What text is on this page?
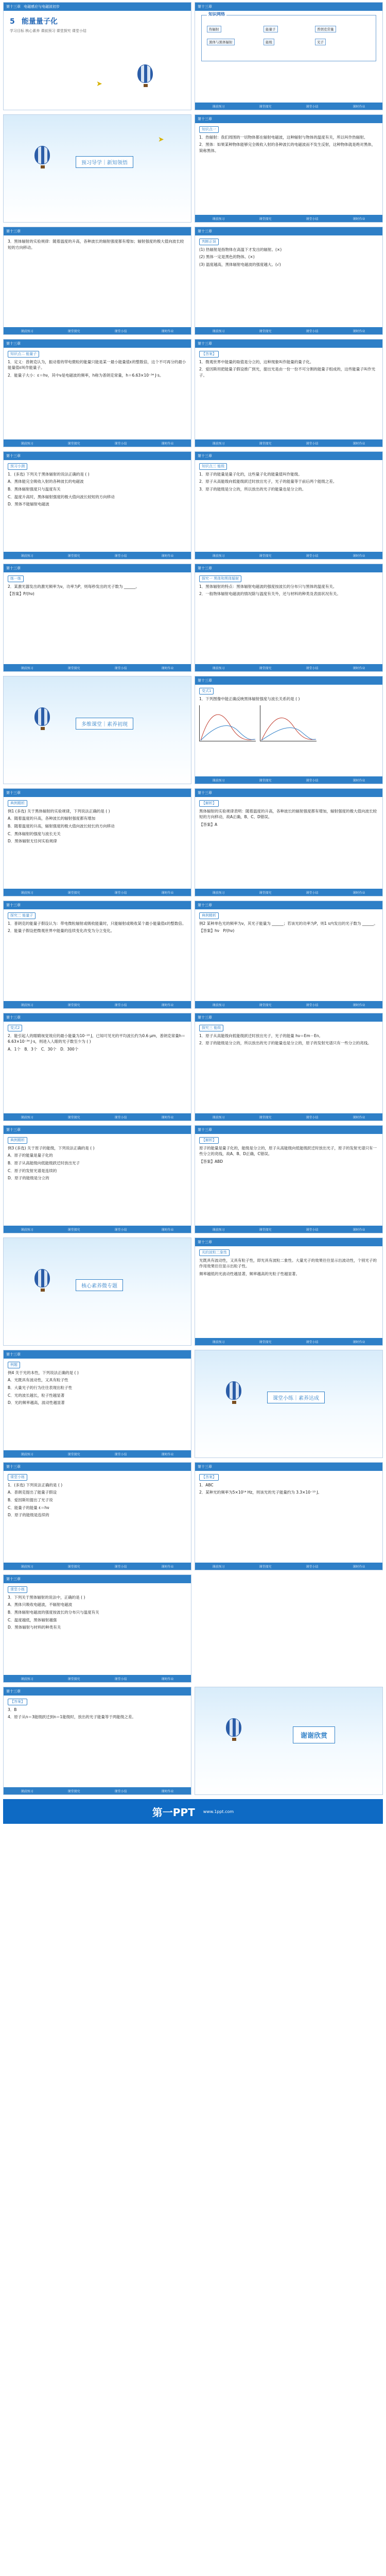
第十三章 电磁感应与电磁波初步
5 能量量子化
学习目标 核心素养 课前预习 课堂探究 课堂小结
➤
第十三章
知识网络
热辐射
黑体与黑体辐射
能量子
能级
普朗克常量
光子
课前预习	课堂探究	课堂小结	课时作业
➤
预习导学｜新知领悟
第十三章
知识点一

1．热辐射：我们周围的一切物体都在辐射电磁波，这种辐射与物体的温度有关，所以叫作热辐射。

2．黑体：如果某种物体能够完全吸收入射的各种波长的电磁波而不发生反射，这种物体就是绝对黑体，简称黑体。

课前预习	课堂探究	课堂小结	课时作业
第十三章

3．黑体辐射的实验规律：随着温度的升高，各种波长的辐射强度都有增加；辐射强度的极大值向波长较短的方向移动。

课前预习	课堂探究	课堂小结	课时作业
第十三章
判断正误

(1) 热辐射是指物体在高温下才发出的辐射。(×)

(2) 黑体一定是黑色的物体。(×)

(3) 温度越高，黑体辐射电磁波的强度越大。(√)

课前预习	课堂探究	课堂小结	课时作业
第十三章
知识点二 能量子

1．定义：普朗克认为，振动着的带电微粒的能量只能是某一最小能量值ε的整数倍，这个不可再分的最小能量值ε叫作能量子。

2．能量子大小：ε＝hν，其中ν是电磁波的频率，h称为普朗克常量，h＝6.63×10⁻³⁴ J·s。

课前预习	课堂探究	课堂小结	课时作业
第十三章
【答案】

1．微观世界中能量的取值是分立的，这种现象叫作能量的量子化。

2．爱因斯坦把能量子假设推广到光，提出光是由一份一份不可分割的能量子组成的，这些能量子叫作光子。

课前预习	课堂探究	课堂小结	课时作业
第十三章
预习小测

1．(多选) 下列关于黑体辐射的说法正确的是 ( )

A．黑体能完全吸收入射的各种波长的电磁波

B．黑体辐射强度只与温度有关

C．温度升高时，黑体辐射强度的极大值向波长较短的方向移动

D．黑体不能辐射电磁波

课前预习	课堂探究	课堂小结	课时作业
第十三章
知识点三 能级

1．原子的能量是量子化的，这些量子化的能量值叫作能级。

2．原子从高能级向低能级跃迁时放出光子，光子的能量等于前后两个能级之差。

3．原子的能级是分立的，所以放出的光子的能量也是分立的。

课前预习	课堂探究	课堂小结	课时作业
第十三章
练一练

2．某激光器发出的激光频率为ν，功率为P，则每秒发出的光子数为 ______。

【答案】P/(hν)

课前预习	课堂探究	课堂小结	课时作业
第十三章
探究一 黑体和黑体辐射

1．黑体辐射的特点：黑体辐射电磁波的强度按波长的分布只与黑体的温度有关。

2．一般物体辐射电磁波的情况除与温度有关外，还与材料的种类及表面状况有关。

课前预习	课堂探究	课堂小结	课时作业
多维课堂｜素养初现
第十三章
变式1

1．下列图像中能正确反映黑体辐射强度与波长关系的是 ( )

课前预习	课堂探究	课堂小结	课时作业
第十三章
典例精析

例1 (多选) 关于黑体辐射的实验规律，下列说法正确的是 ( )

A．随着温度的升高，各种波长的辐射强度都有增加

B．随着温度的升高，辐射强度的极大值向波长较长的方向移动

C．黑体辐射的强度与波长无关

D．黑体辐射无任何实验规律

课前预习	课堂探究	课堂小结	课时作业
第十三章
【解析】

黑体辐射的实验规律表明：随着温度的升高，各种波长的辐射强度都有增加，辐射强度的极大值向波长较短的方向移动，故A正确，B、C、D错误。

【答案】A

课前预习	课堂探究	课堂小结	课时作业
第十三章
探究二 能量子

1．普朗克的能量子假设认为：带电微粒辐射或吸收能量时，只能辐射或吸收某个最小能量值ε的整数倍。

2．能量子假设把微观世界中能量的连续变化改变为分立变化。

课前预习	课堂探究	课堂小结	课时作业
第十三章
典例精析

例2 某种单色光的频率为ν，其光子能量为 ______；若该光的功率为P，则1 s内发出的光子数为 ______。

【答案】hν　P/(hν)

课前预习	课堂探究	课堂小结	课时作业
第十三章
变式2

2．能引起人的眼睛视觉效应的最小能量为10⁻¹⁸ J，已知可见光的平均波长约为0.6 μm，普朗克常量h＝6.63×10⁻³⁴ J·s，则进入人眼的光子数至少为 ( )

A．1个　B．3个　C．30个　D．300个

课前预习	课堂探究	课堂小结	课时作业
第十三章
探究三 能级

1．原子从高能级向低能级跃迁时放出光子，光子的能量 hν＝Em－En。

2．原子的能级是分立的，所以放出的光子的能量也是分立的，原子的发射光谱只有一些分立的亮线。

课前预习	课堂探究	课堂小结	课时作业
第十三章
典例精析

例3 (多选) 关于原子的能级，下列说法正确的是 ( )

A．原子的能量是量子化的

B．原子从高能级向低能级跃迁时放出光子

C．原子的发射光谱是连续的

D．原子的能级是分立的

课前预习	课堂探究	课堂小结	课时作业
第十三章
【解析】

原子的能量是量子化的，能级是分立的，原子从高能级向低能级跃迁时放出光子，原子的发射光谱只有一些分立的亮线，故A、B、D正确，C错误。

【答案】ABD

课前预习	课堂探究	课堂小结	课时作业
核心素养微专题
第十三章
光的波粒二象性

光既具有波动性，又具有粒子性，即光具有波粒二象性。大量光子的效果往往显示出波动性，个别光子的作用效果往往显示出粒子性。

频率越低的光波动性越显著，频率越高的光粒子性越显著。

课前预习	课堂探究	课堂小结	课时作业
第十三章
例题

例4 关于光的本性，下列说法正确的是 ( )

A．光既具有波动性，又具有粒子性

B．大量光子的行为往往表现出粒子性

C．光的波长越长，粒子性越显著

D．光的频率越高，波动性越显著

课前预习	课堂探究	课堂小结	课时作业
课堂小练｜素养达成
第十三章
课堂小练

1．(多选) 下列说法正确的是 ( )

A．普朗克提出了能量子假设

B．爱因斯坦提出了光子说

C．能量子的能量 ε＝hν

D．原子的能级是连续的

课前预习	课堂探究	课堂小结	课时作业
第十三章
【答案】

1．ABC

2．某种光的频率为5×10¹⁴ Hz，则该光的光子能量约为 3.3×10⁻¹⁹ J。

课前预习	课堂探究	课堂小结	课时作业
第十三章
课堂小练

3．下列关于黑体辐射的说法中，正确的是 ( )

A．黑体只吸收电磁波，不辐射电磁波

B．黑体辐射电磁波的强度按波长的分布只与温度有关

C．温度越低，黑体辐射越强

D．黑体辐射与材料的种类有关

课前预习	课堂探究	课堂小结	课时作业
第十三章
【答案】

3．B

4．原子从n＝3能级跃迁到n＝1能级时，放出的光子能量等于两能级之差。

课前预习	课堂探究	课堂小结	课时作业
谢谢欣赏
第一PPT www.1ppt.com
